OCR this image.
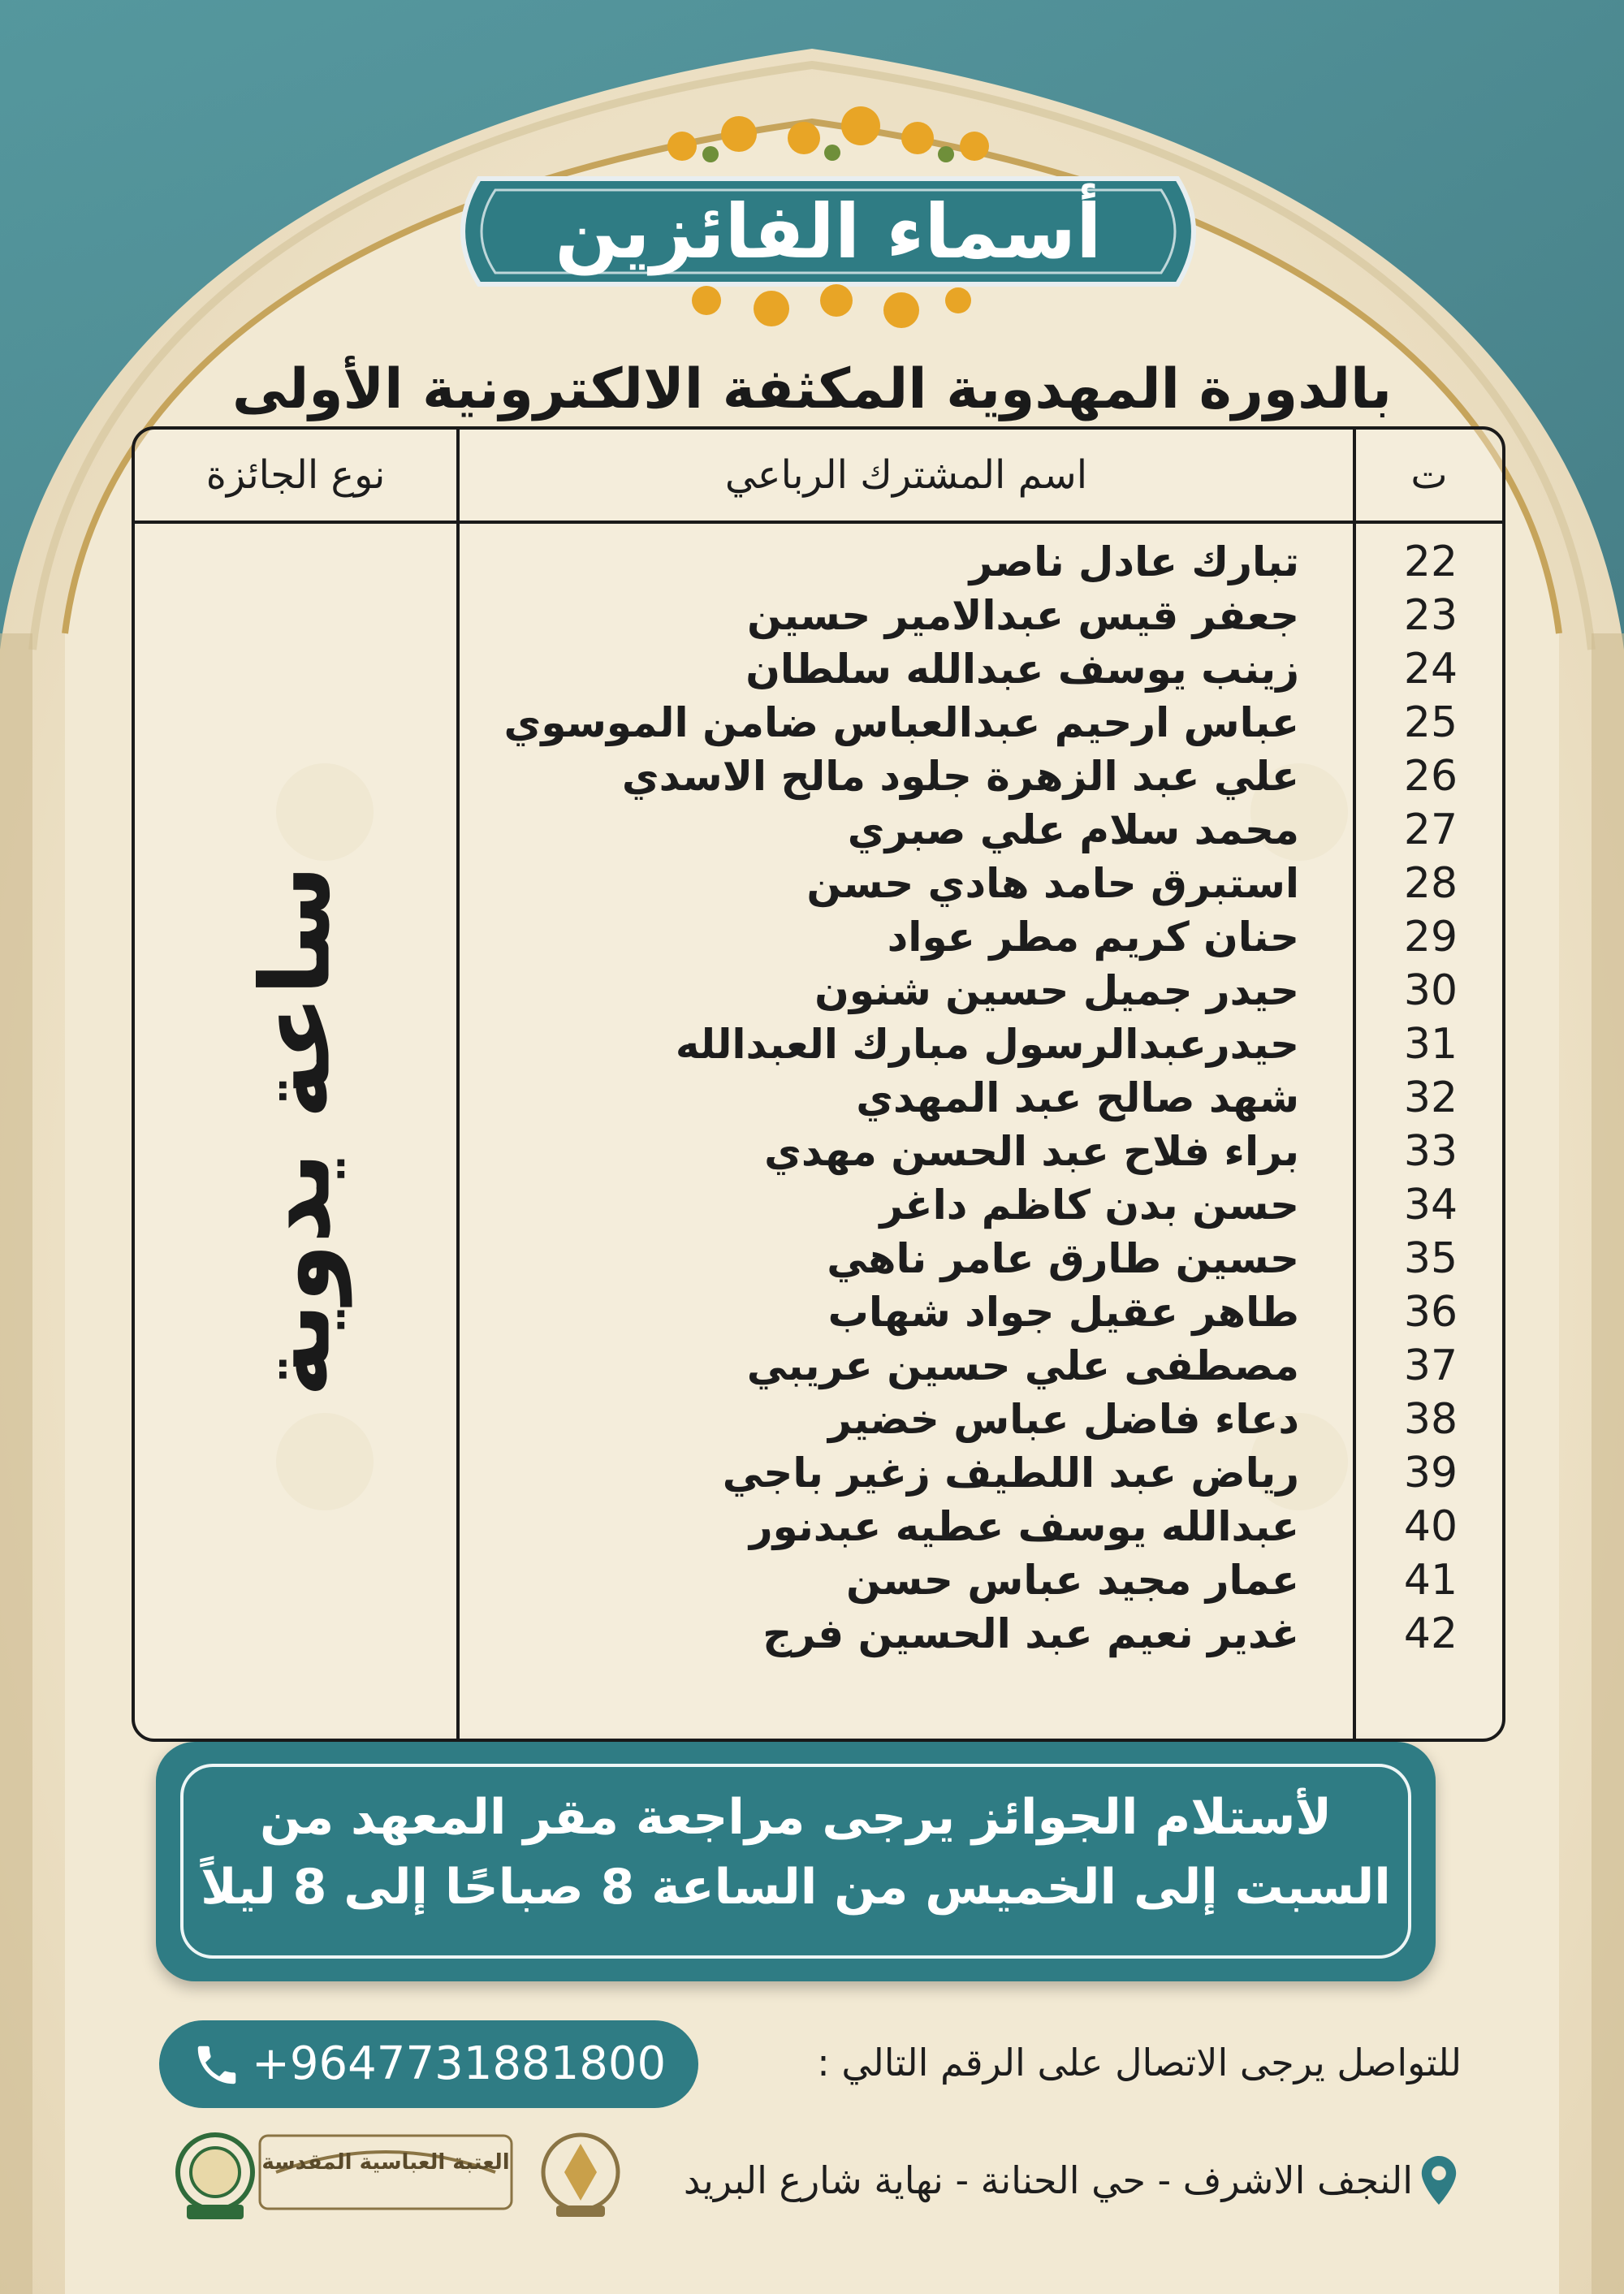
أسماء الفائزين
بالدورة المهدوية المكثفة الالكترونية الأولى
ت
اسم المشترك الرباعي
نوع الجائزة
22
تبارك عادل ناصر
23
جعفر قيس عبدالامير حسين
24
زينب يوسف عبدالله سلطان
25
عباس ارحيم عبدالعباس ضامن الموسوي
26
علي عبد الزهرة جلود مالح الاسدي
27
محمد سلام علي صبري
28
استبرق حامد هادي حسن
29
حنان كريم مطر عواد
30
حيدر جميل حسين شنون
31
حيدرعبدالرسول مبارك العبدالله
32
شهد صالح عبد المهدي
33
براء فلاح عبد الحسن مهدي
34
حسن بدن كاظم داغر
35
حسين طارق عامر ناهي
36
طاهر عقيل جواد شهاب
37
مصطفى علي حسين عريبي
38
دعاء فاضل عباس خضير
39
رياض عبد اللطيف زغير باجي
40
عبدالله يوسف عطيه عبدنور
41
عمار مجيد عباس حسن
42
غدير نعيم عبد الحسين فرج
ساعة يدوية
لأستلام الجوائز يرجى مراجعة مقر المعهد من
السبت إلى الخميس من الساعة 8 صباحًا إلى 8 ليلاً
+9647731881800	للتواصل يرجى الاتصال على الرقم التالي :
النجف الاشرف - حي الحنانة - نهاية شارع البريد
العتبة العباسية المقدسة
